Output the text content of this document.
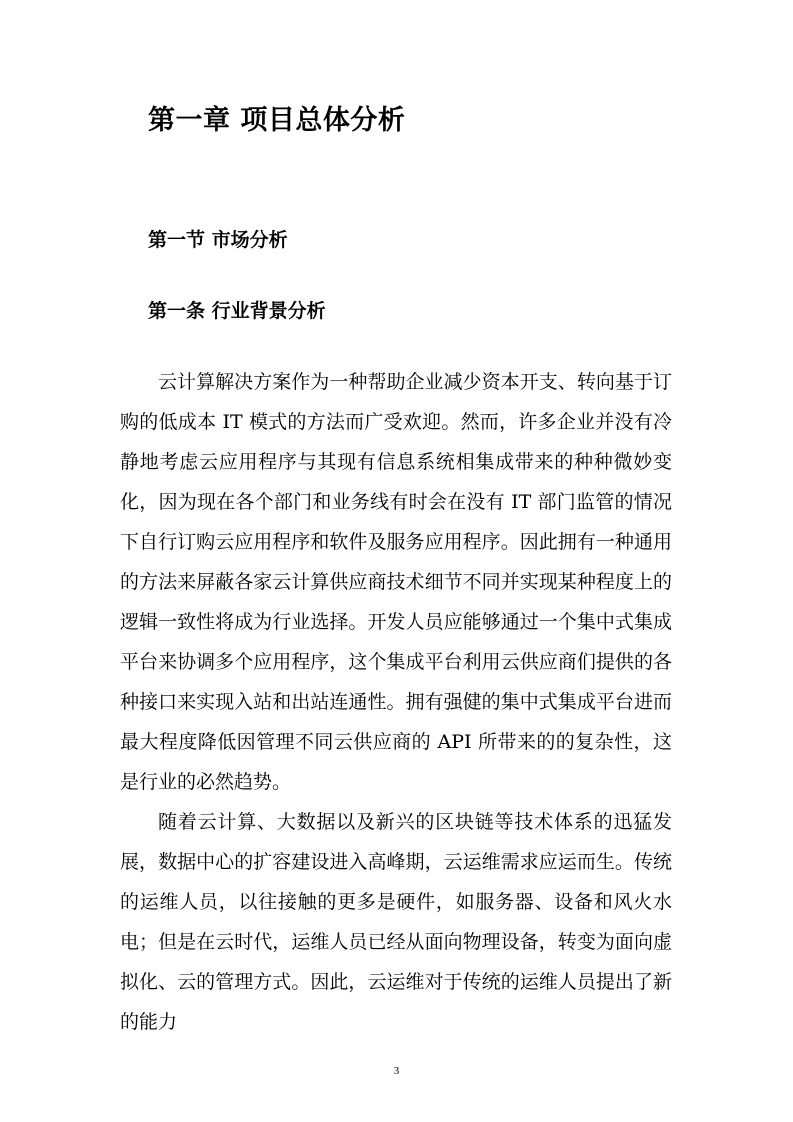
第一章 项目总体分析
第一节 市场分析
第一条 行业背景分析

云计算解决方案作为一种帮助企业减少资本开支、转向基于订购的低成本 IT 模式的方法而广受欢迎。然而，许多企业并没有冷静地考虑云应用程序与其现有信息系统相集成带来的种种微妙变化，因为现在各个部门和业务线有时会在没有 IT 部门监管的情况下自行订购云应用程序和软件及服务应用程序。因此拥有一种通用的方法来屏蔽各家云计算供应商技术细节不同并实现某种程度上的逻辑一致性将成为行业选择。开发人员应能够通过一个集中式集成平台来协调多个应用程序，这个集成平台利用云供应商们提供的各种接口来实现入站和出站连通性。拥有强健的集中式集成平台进而最大程度降低因管理不同云供应商的 API 所带来的的复杂性，这是行业的必然趋势。

随着云计算、大数据以及新兴的区块链等技术体系的迅猛发展，数据中心的扩容建设进入高峰期，云运维需求应运而生。传统的运维人员，以往接触的更多是硬件，如服务器、设备和风火水电；但是在云时代，运维人员已经从面向物理设备，转变为面向虚拟化、云的管理方式。因此，云运维对于传统的运维人员提出了新的能力

3
